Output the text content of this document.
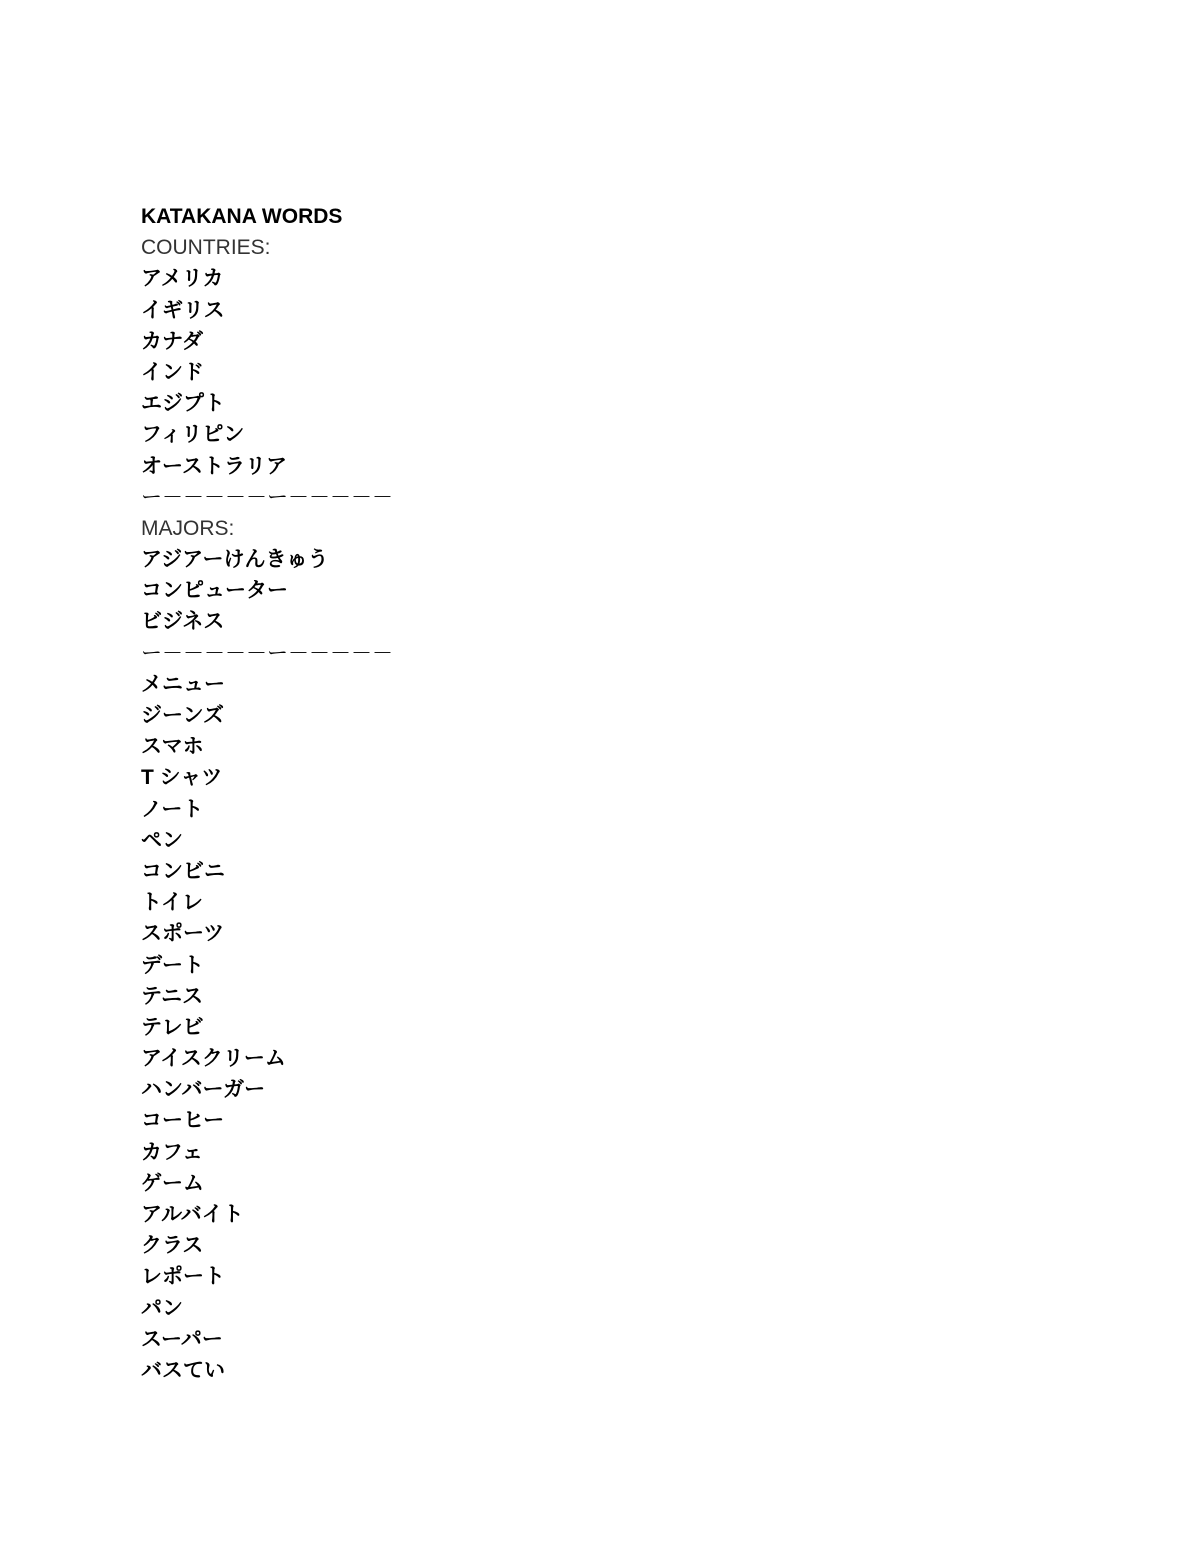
KATAKANA WORDS
COUNTRIES:
アメリカ
イギリス
カナダ
インド
エジプト
フィリピン
オーストラリア
ー－－－－－ー－－－－－
MAJORS:
アジアーけんきゅう
コンピューター
ビジネス
ー－－－－－ー－－－－－
メニュー
ジーンズ
スマホ
T シャツ
ノート
ペン
コンビニ
トイレ
スポーツ
デート
テニス
テレビ
アイスクリーム
ハンバーガー
コーヒー
カフェ
ゲーム
アルバイト
クラス
レポート
パン
スーパー
バスてい
